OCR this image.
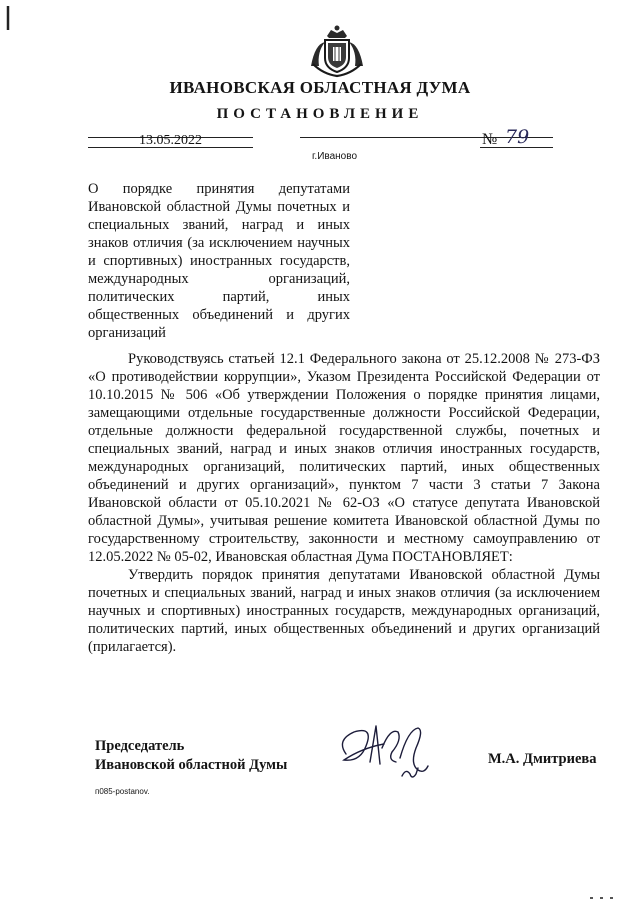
ИВАНОВСКАЯ ОБЛАСТНАЯ ДУМА
ПОСТАНОВЛЕНИЕ
13.05.2022	№ 79
г.Иваново
О порядке принятия депутатами Ивановской областной Думы почетных и специальных званий, наград и иных знаков отличия (за исключением научных и спортивных) иностранных государств, международных организаций, политических партий, иных общественных объединений и других организаций

Руководствуясь статьей 12.1 Федерального закона от 25.12.2008 № 273-ФЗ «О противодействии коррупции», Указом Президента Российской Федерации от 10.10.2015 № 506 «Об утверждении Положения о порядке принятия лицами, замещающими отдельные государственные должности Российской Федерации, отдельные должности федеральной государственной службы, почетных и специальных званий, наград и иных знаков отличия иностранных государств, международных организаций, политических партий, иных общественных объединений и других организаций», пунктом 7 части 3 статьи 7 Закона Ивановской области от 05.10.2021 № 62-ОЗ «О статусе депутата Ивановской областной Думы», учитывая решение комитета Ивановской областной Думы по государственному строительству, законности и местному самоуправлению от 12.05.2022 № 05-02, Ивановская областная Дума ПОСТАНОВЛЯЕТ:

Утвердить порядок принятия депутатами Ивановской областной Думы почетных и специальных званий, наград и иных знаков отличия (за исключением научных и спортивных) иностранных государств, международных организаций, политических партий, иных общественных объединений и других организаций (прилагается).

Председатель
Ивановской областной Думы	М.А. Дмитриева
п085-postanov.
